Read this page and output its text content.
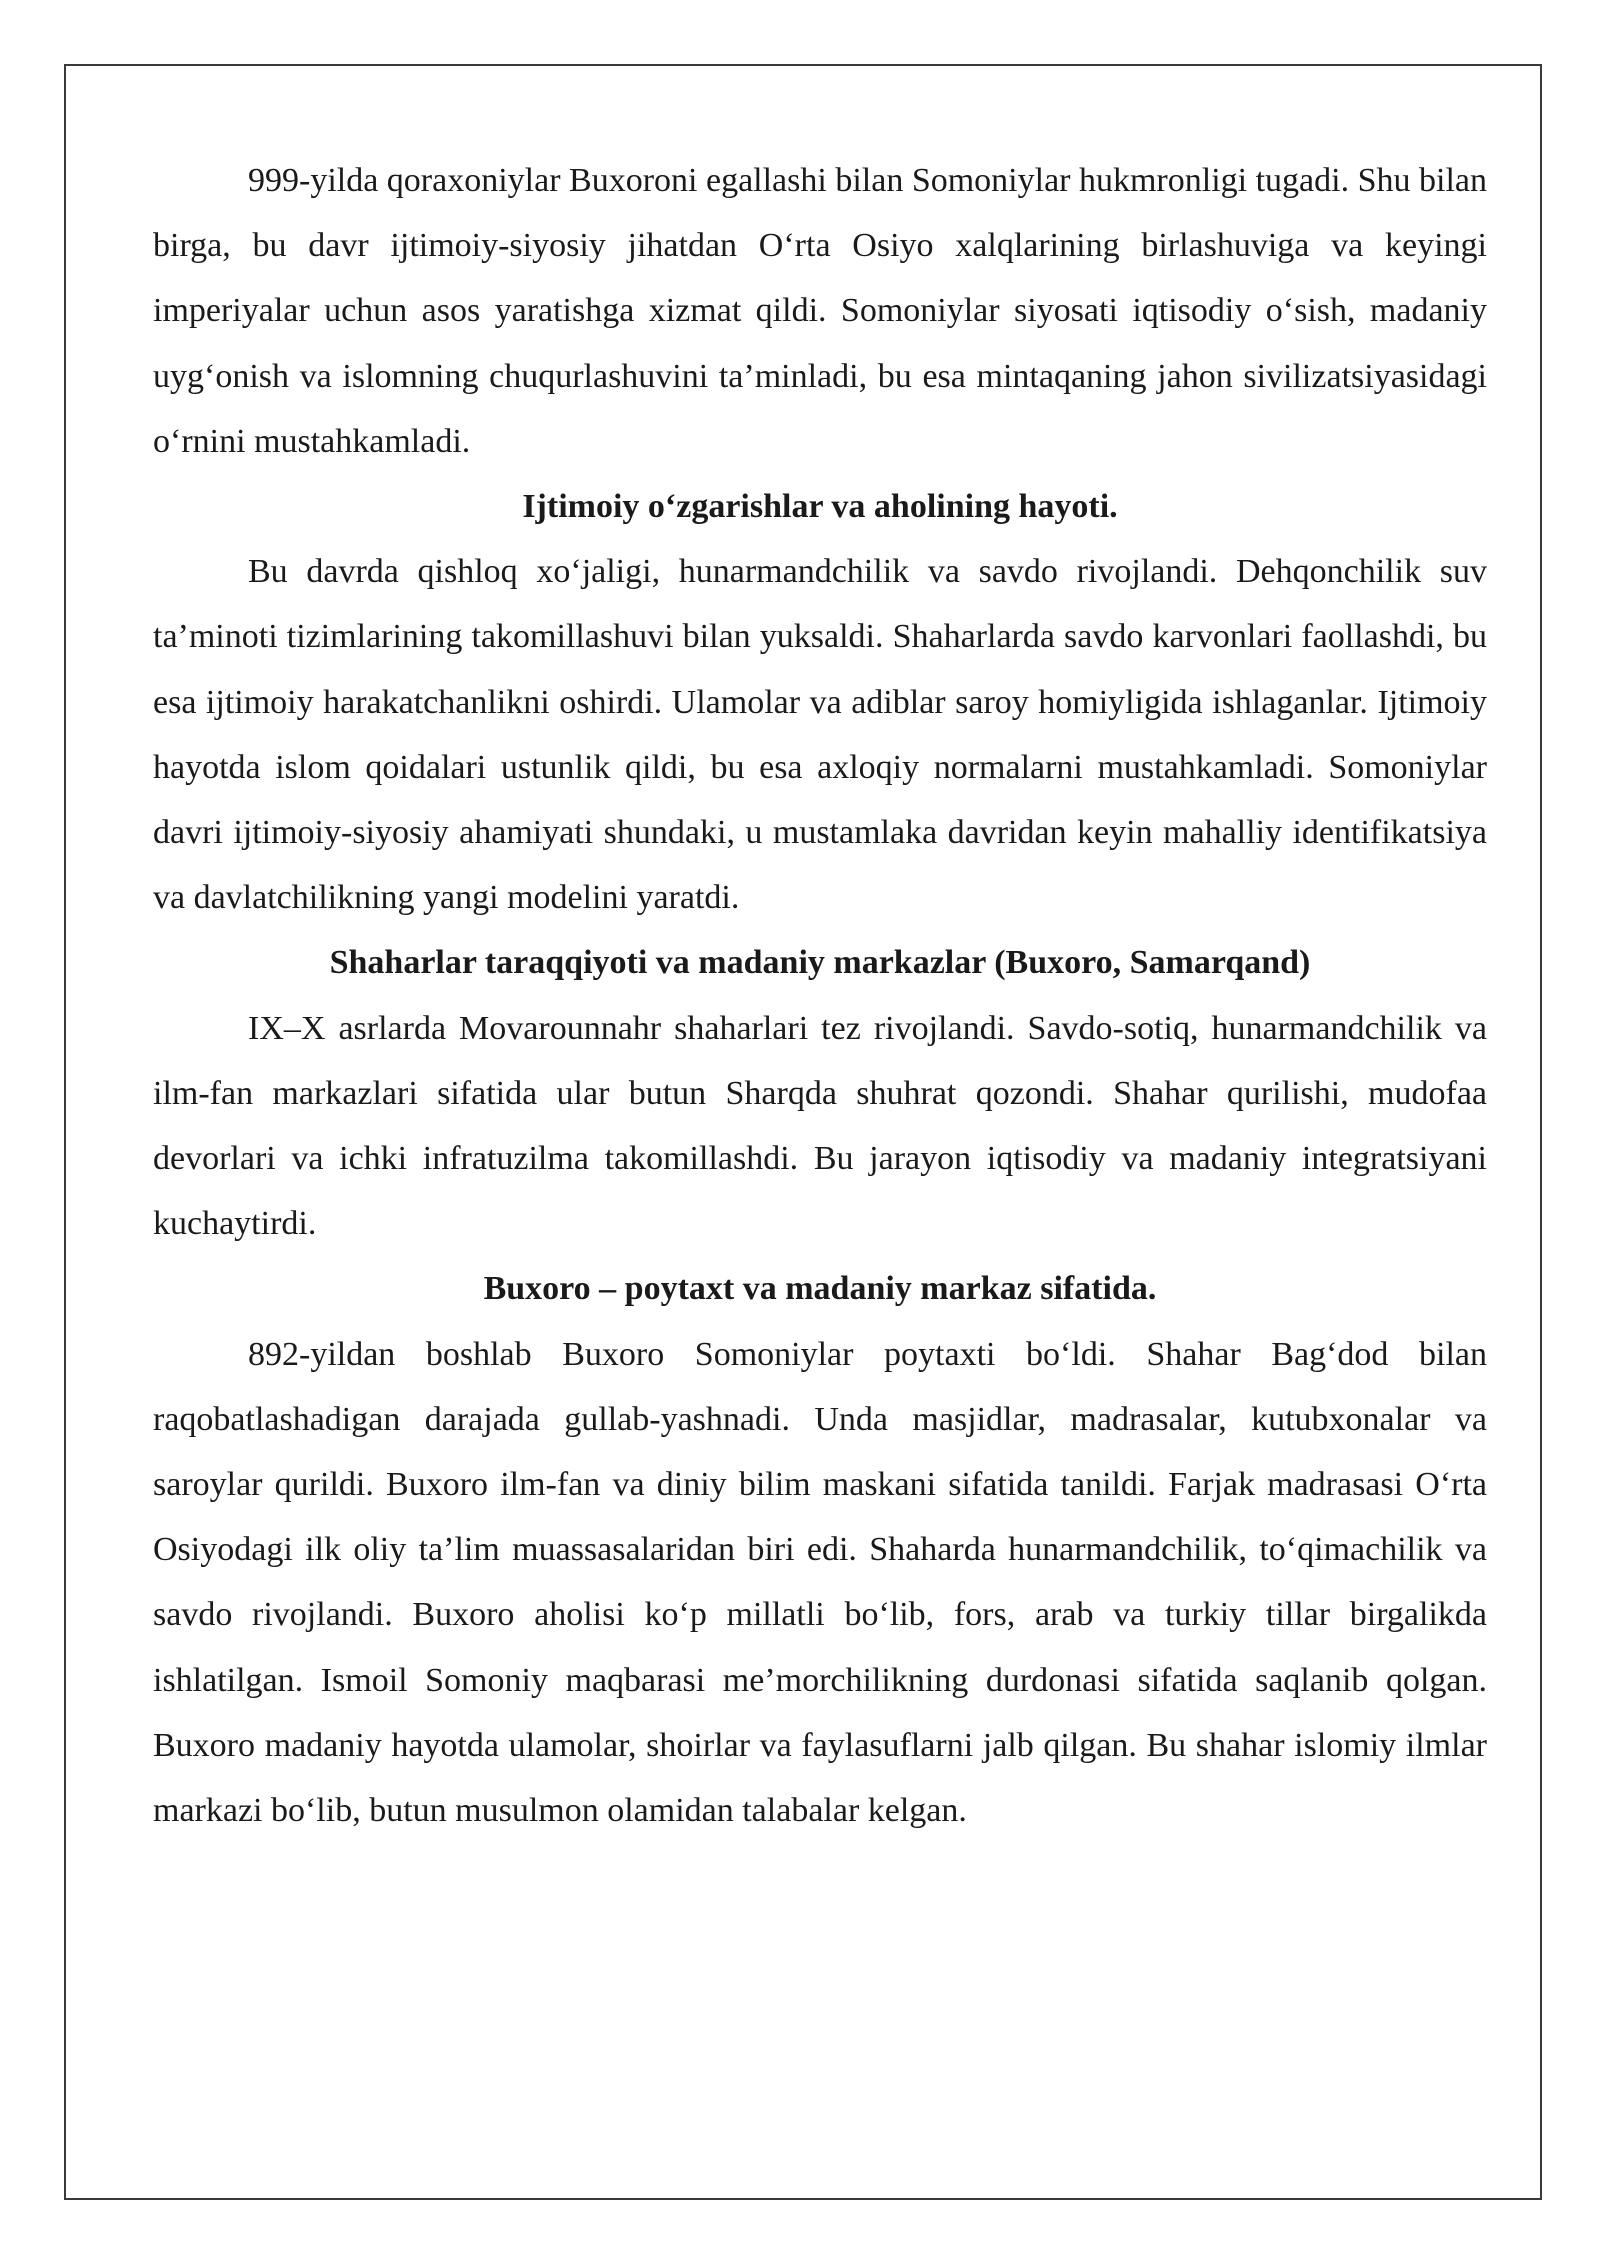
999-yilda qoraxoniylar Buxoroni egallashi bilan Somoniylar hukmronligi tugadi. Shu bilan birga, bu davr ijtimoiy-siyosiy jihatdan O‘rta Osiyo xalqlarining birlashuviga va keyingi imperiyalar uchun asos yaratishga xizmat qildi. Somoniylar siyosati iqtisodiy o‘sish, madaniy uyg‘onish va islomning chuqurlashuvini ta’minladi, bu esa mintaqaning jahon sivilizatsiyasidagi o‘rnini mustahkamladi.

Ijtimoiy o‘zgarishlar va aholining hayoti.

Bu davrda qishloq xo‘jaligi, hunarmandchilik va savdo rivojlandi. Dehqonchilik suv ta’minoti tizimlarining takomillashuvi bilan yuksaldi. Shaharlarda savdo karvonlari faollashdi, bu esa ijtimoiy harakatchanlikni oshirdi. Ulamolar va adiblar saroy homiyligida ishlaganlar. Ijtimoiy hayotda islom qoidalari ustunlik qildi, bu esa axloqiy normalarni mustahkamladi. Somoniylar davri ijtimoiy-siyosiy ahamiyati shundaki, u mustamlaka davridan keyin mahalliy identifikatsiya va davlatchilikning yangi modelini yaratdi.

Shaharlar taraqqiyoti va madaniy markazlar (Buxoro, Samarqand)

IX–X asrlarda Movarounnahr shaharlari tez rivojlandi. Savdo-sotiq, hunarmandchilik va ilm-fan markazlari sifatida ular butun Sharqda shuhrat qozondi. Shahar qurilishi, mudofaa devorlari va ichki infratuzilma takomillashdi. Bu jarayon iqtisodiy va madaniy integratsiyani kuchaytirdi.

Buxoro – poytaxt va madaniy markaz sifatida.

892-yildan boshlab Buxoro Somoniylar poytaxti bo‘ldi. Shahar Bag‘dod bilan raqobatlashadigan darajada gullab-yashnadi. Unda masjidlar, madrasalar, kutubxonalar va saroylar qurildi. Buxoro ilm-fan va diniy bilim maskani sifatida tanildi. Farjak madrasasi O‘rta Osiyodagi ilk oliy ta’lim muassasalaridan biri edi. Shaharda hunarmandchilik, to‘qimachilik va savdo rivojlandi. Buxoro aholisi ko‘p millatli bo‘lib, fors, arab va turkiy tillar birgalikda ishlatilgan. Ismoil Somoniy maqbarasi me’morchilikning durdonasi sifatida saqlanib qolgan. Buxoro madaniy hayotda ulamolar, shoirlar va faylasuflarni jalb qilgan. Bu shahar islomiy ilmlar markazi bo‘lib, butun musulmon olamidan talabalar kelgan.
